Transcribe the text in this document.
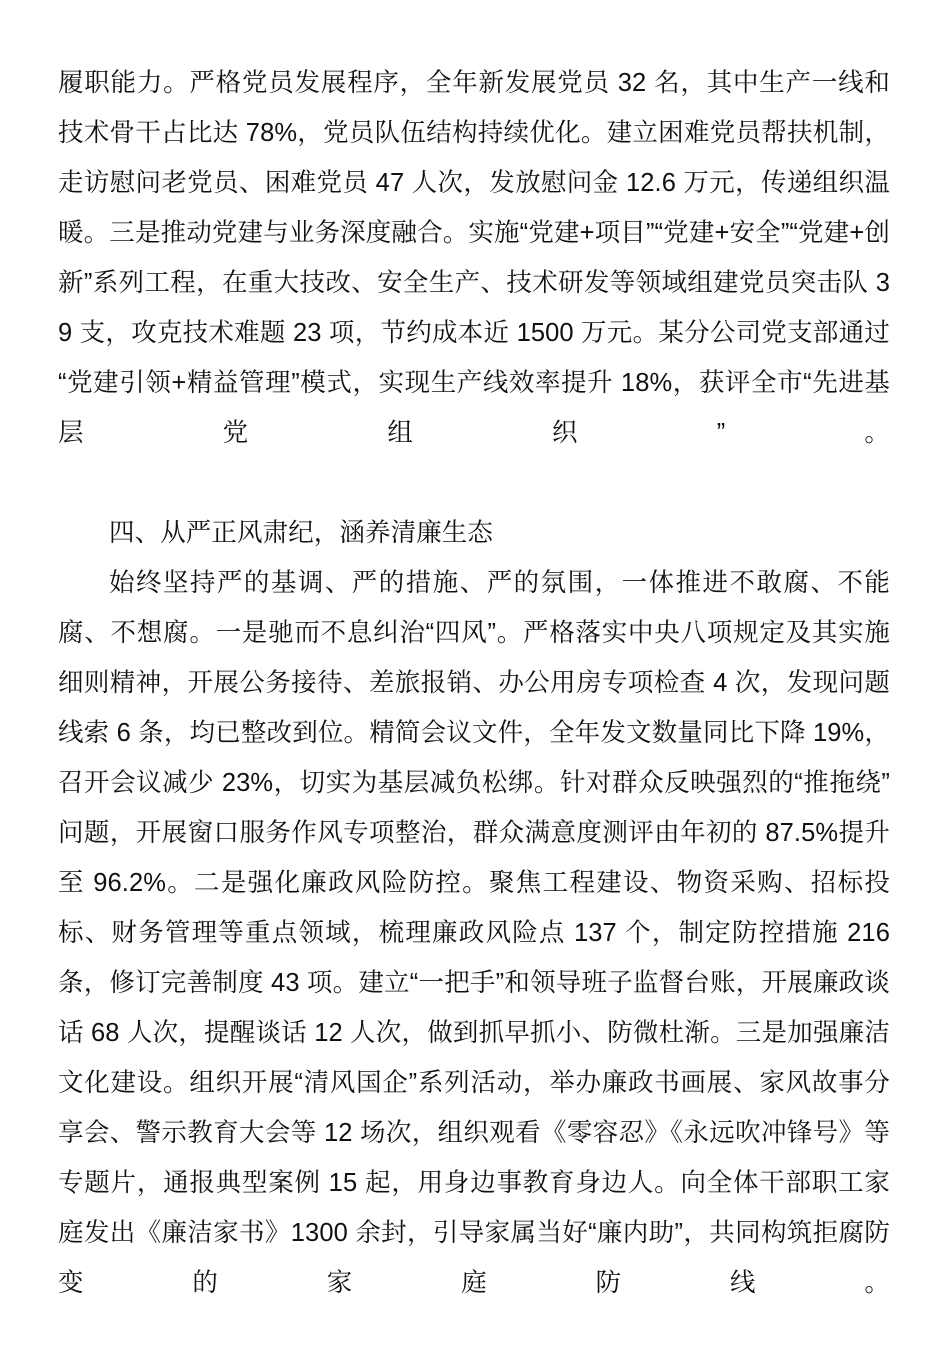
履职能力。严格党员发展程序，全年新发展党员 32 名，其中生产一线和技术骨干占比达 78%，党员队伍结构持续优化。建立困难党员帮扶机制，走访慰问老党员、困难党员 47 人次，发放慰问金 12.6 万元，传递组织温暖。三是推动党建与业务深度融合。实施“党建+项目”“党建+安全”“党建+创新”系列工程，在重大技改、安全生产、技术研发等领域组建党员突击队 39 支，攻克技术难题 23 项，节约成本近 1500 万元。某分公司党支部通过“党建引领+精益管理”模式，实现生产线效率提升 18%，获评全市“先进基层党组织”。

四、从严正风肃纪，涵养清廉生态

始终坚持严的基调、严的措施、严的氛围，一体推进不敢腐、不能腐、不想腐。一是驰而不息纠治“四风”。严格落实中央八项规定及其实施细则精神，开展公务接待、差旅报销、办公用房专项检查 4 次，发现问题线索 6 条，均已整改到位。精简会议文件，全年发文数量同比下降 19%，召开会议减少 23%，切实为基层减负松绑。针对群众反映强烈的“推拖绕”问题，开展窗口服务作风专项整治，群众满意度测评由年初的 87.5%提升至 96.2%。二是强化廉政风险防控。聚焦工程建设、物资采购、招标投标、财务管理等重点领域，梳理廉政风险点 137 个，制定防控措施 216 条，修订完善制度 43 项。建立“一把手”和领导班子监督台账，开展廉政谈话 68 人次，提醒谈话 12 人次，做到抓早抓小、防微杜渐。三是加强廉洁文化建设。组织开展“清风国企”系列活动，举办廉政书画展、家风故事分享会、警示教育大会等 12 场次，组织观看《零容忍》《永远吹冲锋号》等专题片，通报典型案例 15 起，用身边事教育身边人。向全体干部职工家庭发出《廉洁家书》1300 余封，引导家属当好“廉内助”，共同构筑拒腐防变的家庭防线。
